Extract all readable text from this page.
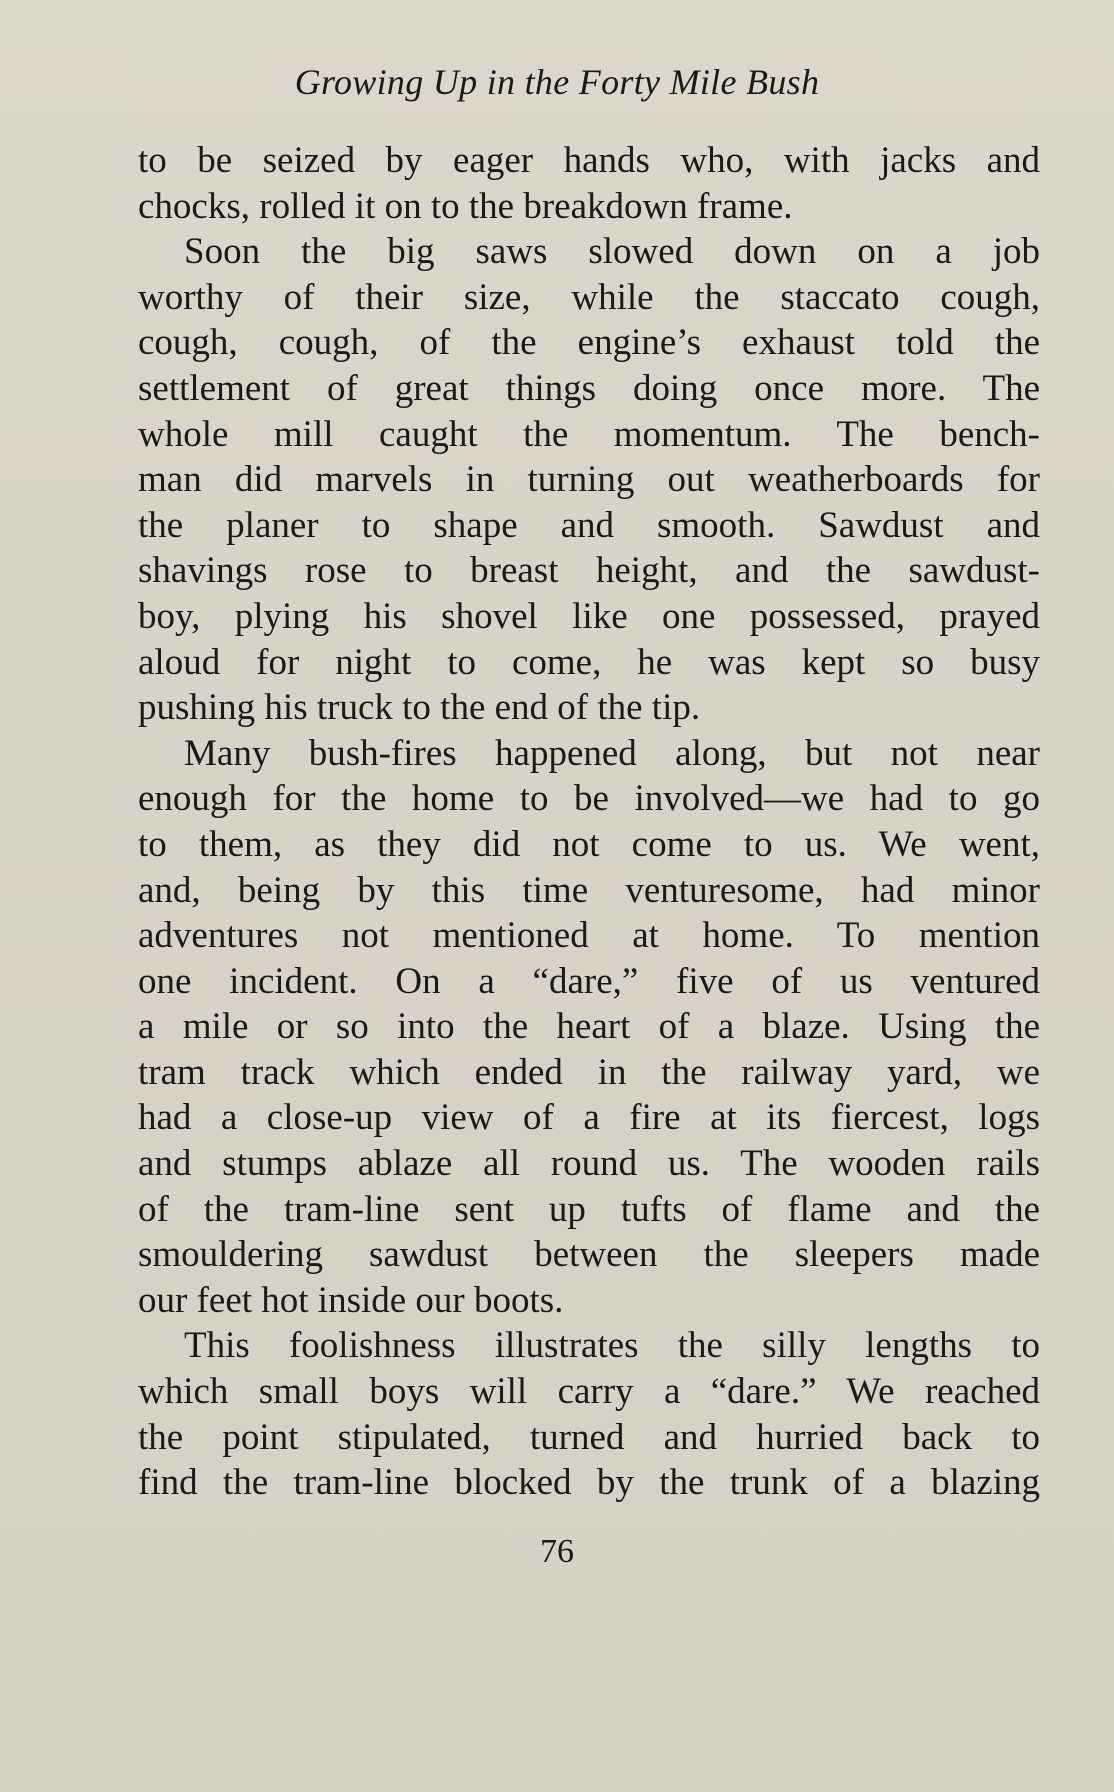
Growing Up in the Forty Mile Bush

to be seized by eager hands who, with jacks and

chocks, rolled it on to the breakdown frame.

Soon the big saws slowed down on a job

worthy of their size, while the staccato cough,

cough, cough, of the engine’s exhaust told the

settlement of great things doing once more. The

whole mill caught the momentum. The bench-

man did marvels in turning out weatherboards for

the planer to shape and smooth. Sawdust and

shavings rose to breast height, and the sawdust-

boy, plying his shovel like one possessed, prayed

aloud for night to come, he was kept so busy

pushing his truck to the end of the tip.

Many bush-fires happened along, but not near

enough for the home to be involved—we had to go

to them, as they did not come to us. We went,

and, being by this time venturesome, had minor

adventures not mentioned at home. To mention

one incident. On a “dare,” five of us ventured

a mile or so into the heart of a blaze. Using the

tram track which ended in the railway yard, we

had a close-up view of a fire at its fiercest, logs

and stumps ablaze all round us. The wooden rails

of the tram-line sent up tufts of flame and the

smouldering sawdust between the sleepers made

our feet hot inside our boots.

This foolishness illustrates the silly lengths to

which small boys will carry a “dare.” We reached

the point stipulated, turned and hurried back to

find the tram-line blocked by the trunk of a blazing

76
